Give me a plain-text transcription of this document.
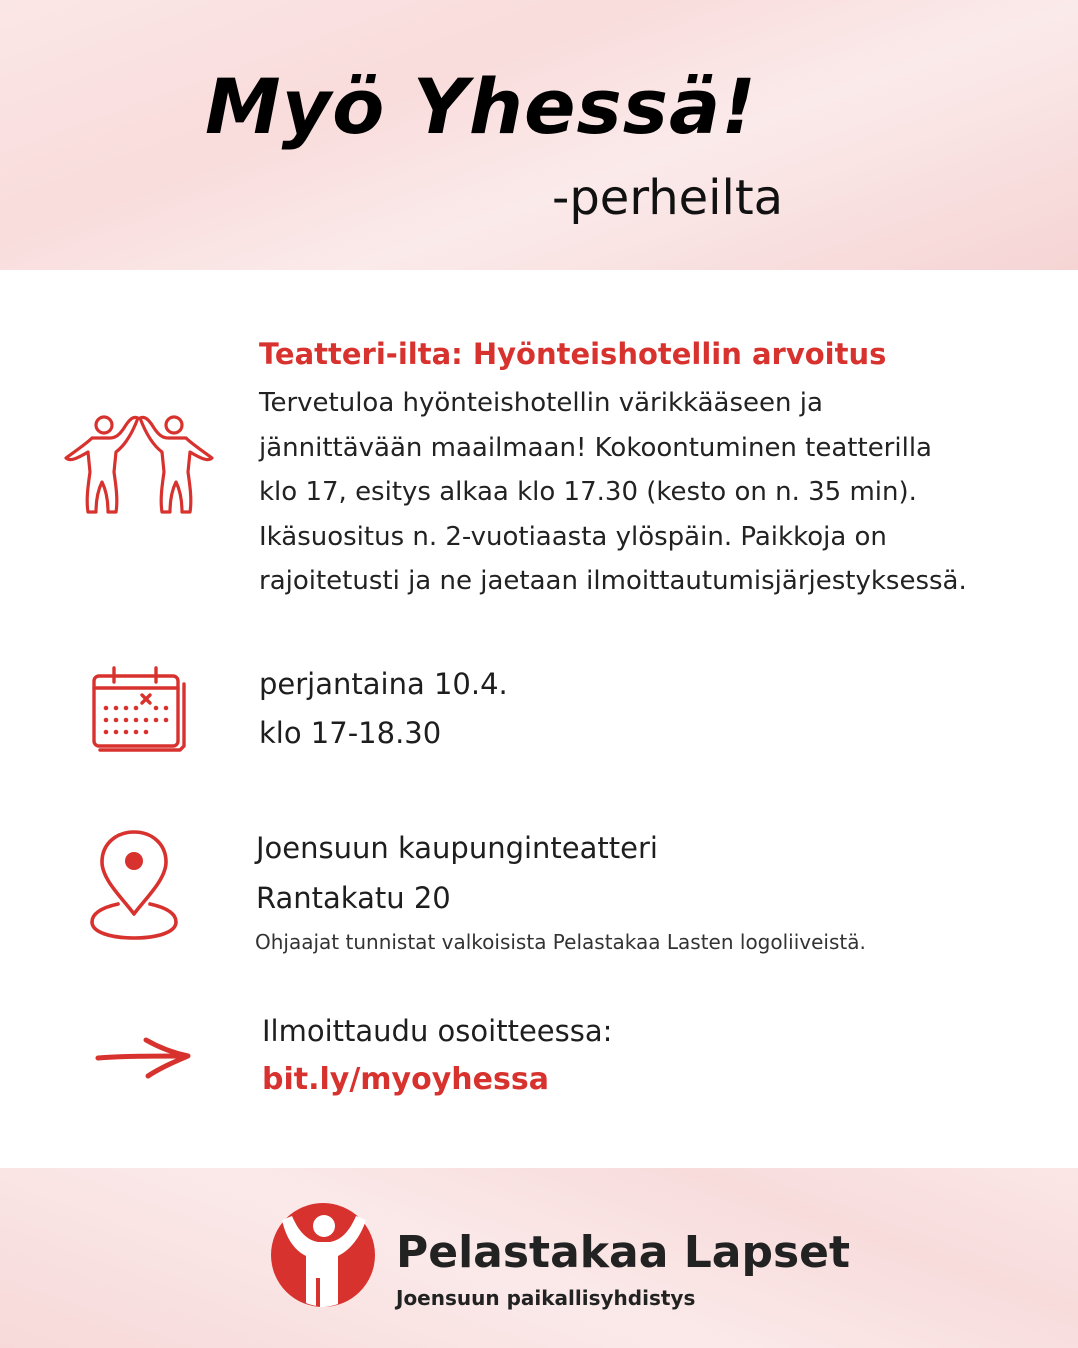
Myö Yhessä!
-perheilta
Teatteri-ilta: Hyönteishotellin arvoitus

Tervetuloa hyönteishotellin värikkääseen ja
jännittävään maailmaan! Kokoontuminen teatterilla
klo 17, esitys alkaa klo 17.30 (kesto on n. 35 min).
Ikäsuositus n. 2-vuotiaasta ylöspäin. Paikkoja on
rajoitetusti ja ne jaetaan ilmoittautumisjärjestyksessä.

perjantaina 10.4.
klo 17-18.30
Joensuun kaupunginteatteri
Rantakatu 20
Ohjaajat tunnistat valkoisista Pelastakaa Lasten logoliiveistä.
Ilmoittaudu osoitteessa:
bit.ly/myoyhessa
Pelastakaa Lapset
Joensuun paikallisyhdistys
